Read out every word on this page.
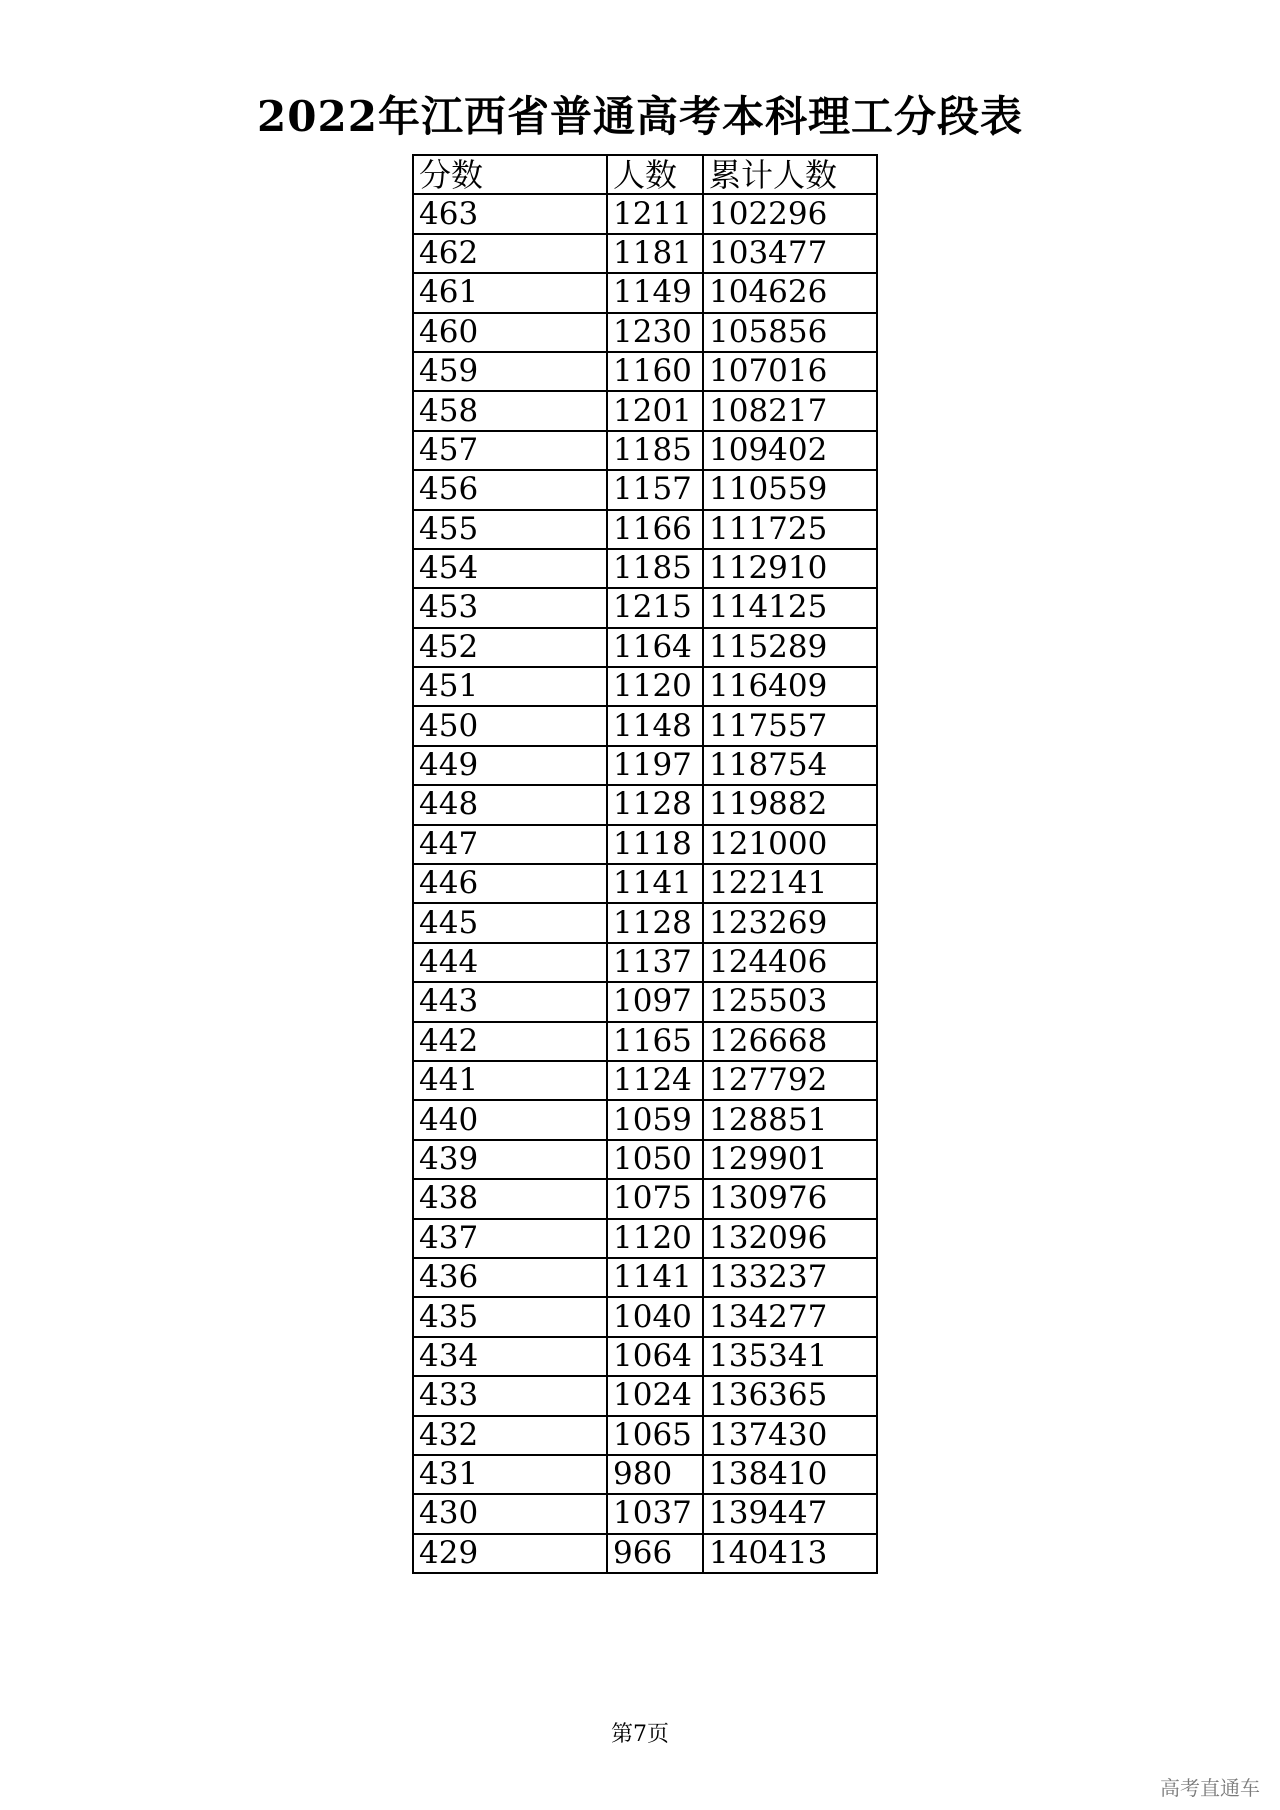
2022年江西省普通高考本科理工分段表
分数	人数	累计人数
463	1211	102296
462	1181	103477
461	1149	104626
460	1230	105856
459	1160	107016
458	1201	108217
457	1185	109402
456	1157	110559
455	1166	111725
454	1185	112910
453	1215	114125
452	1164	115289
451	1120	116409
450	1148	117557
449	1197	118754
448	1128	119882
447	1118	121000
446	1141	122141
445	1128	123269
444	1137	124406
443	1097	125503
442	1165	126668
441	1124	127792
440	1059	128851
439	1050	129901
438	1075	130976
437	1120	132096
436	1141	133237
435	1040	134277
434	1064	135341
433	1024	136365
432	1065	137430
431	980	138410
430	1037	139447
429	966	140413
第7页
高考直通车
